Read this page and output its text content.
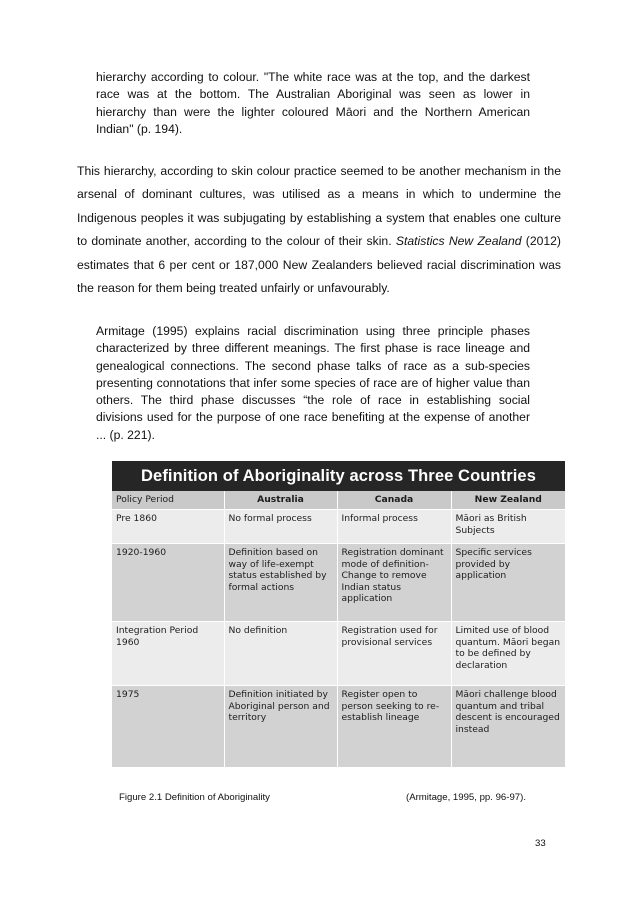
hierarchy according to colour. "The white race was at the top, and the darkest race was at the bottom. The Australian Aboriginal was seen as lower in hierarchy than were the lighter coloured Māori and the Northern American Indian" (p. 194).

This hierarchy, according to skin colour practice seemed to be another mechanism in the arsenal of dominant cultures, was utilised as a means in which to undermine the Indigenous peoples it was subjugating by establishing a system that enables one culture to dominate another, according to the colour of their skin. Statistics New Zealand (2012) estimates that 6 per cent or 187,000 New Zealanders believed racial discrimination was the reason for them being treated unfairly or unfavourably.

Armitage (1995) explains racial discrimination using three principle phases characterized by three different meanings. The first phase is race lineage and genealogical connections. The second phase talks of race as a sub-species presenting connotations that infer some species of race are of higher value than others. The third phase discusses “the role of race in establishing social divisions used for the purpose of one race benefiting at the expense of another ... (p. 221).
Definition of Aboriginality across Three Countries
Policy Period	Australia	Canada	New Zealand
Pre 1860	No formal process	Informal process	Māori as British Subjects
1920-1960	Definition based on way of life-exempt status established by formal actions	Registration dominant mode of definition-Change to remove Indian status application	Specific services provided by application
Integration Period 1960	No definition	Registration used for provisional services	Limited use of blood quantum. Māori began to be defined by declaration
1975	Definition initiated by Aboriginal person and territory	Register open to person seeking to re-establish lineage	Māori challenge blood quantum and tribal descent is encouraged instead
Figure 2.1 Definition of Aboriginality	(Armitage, 1995, pp. 96-97).
33
